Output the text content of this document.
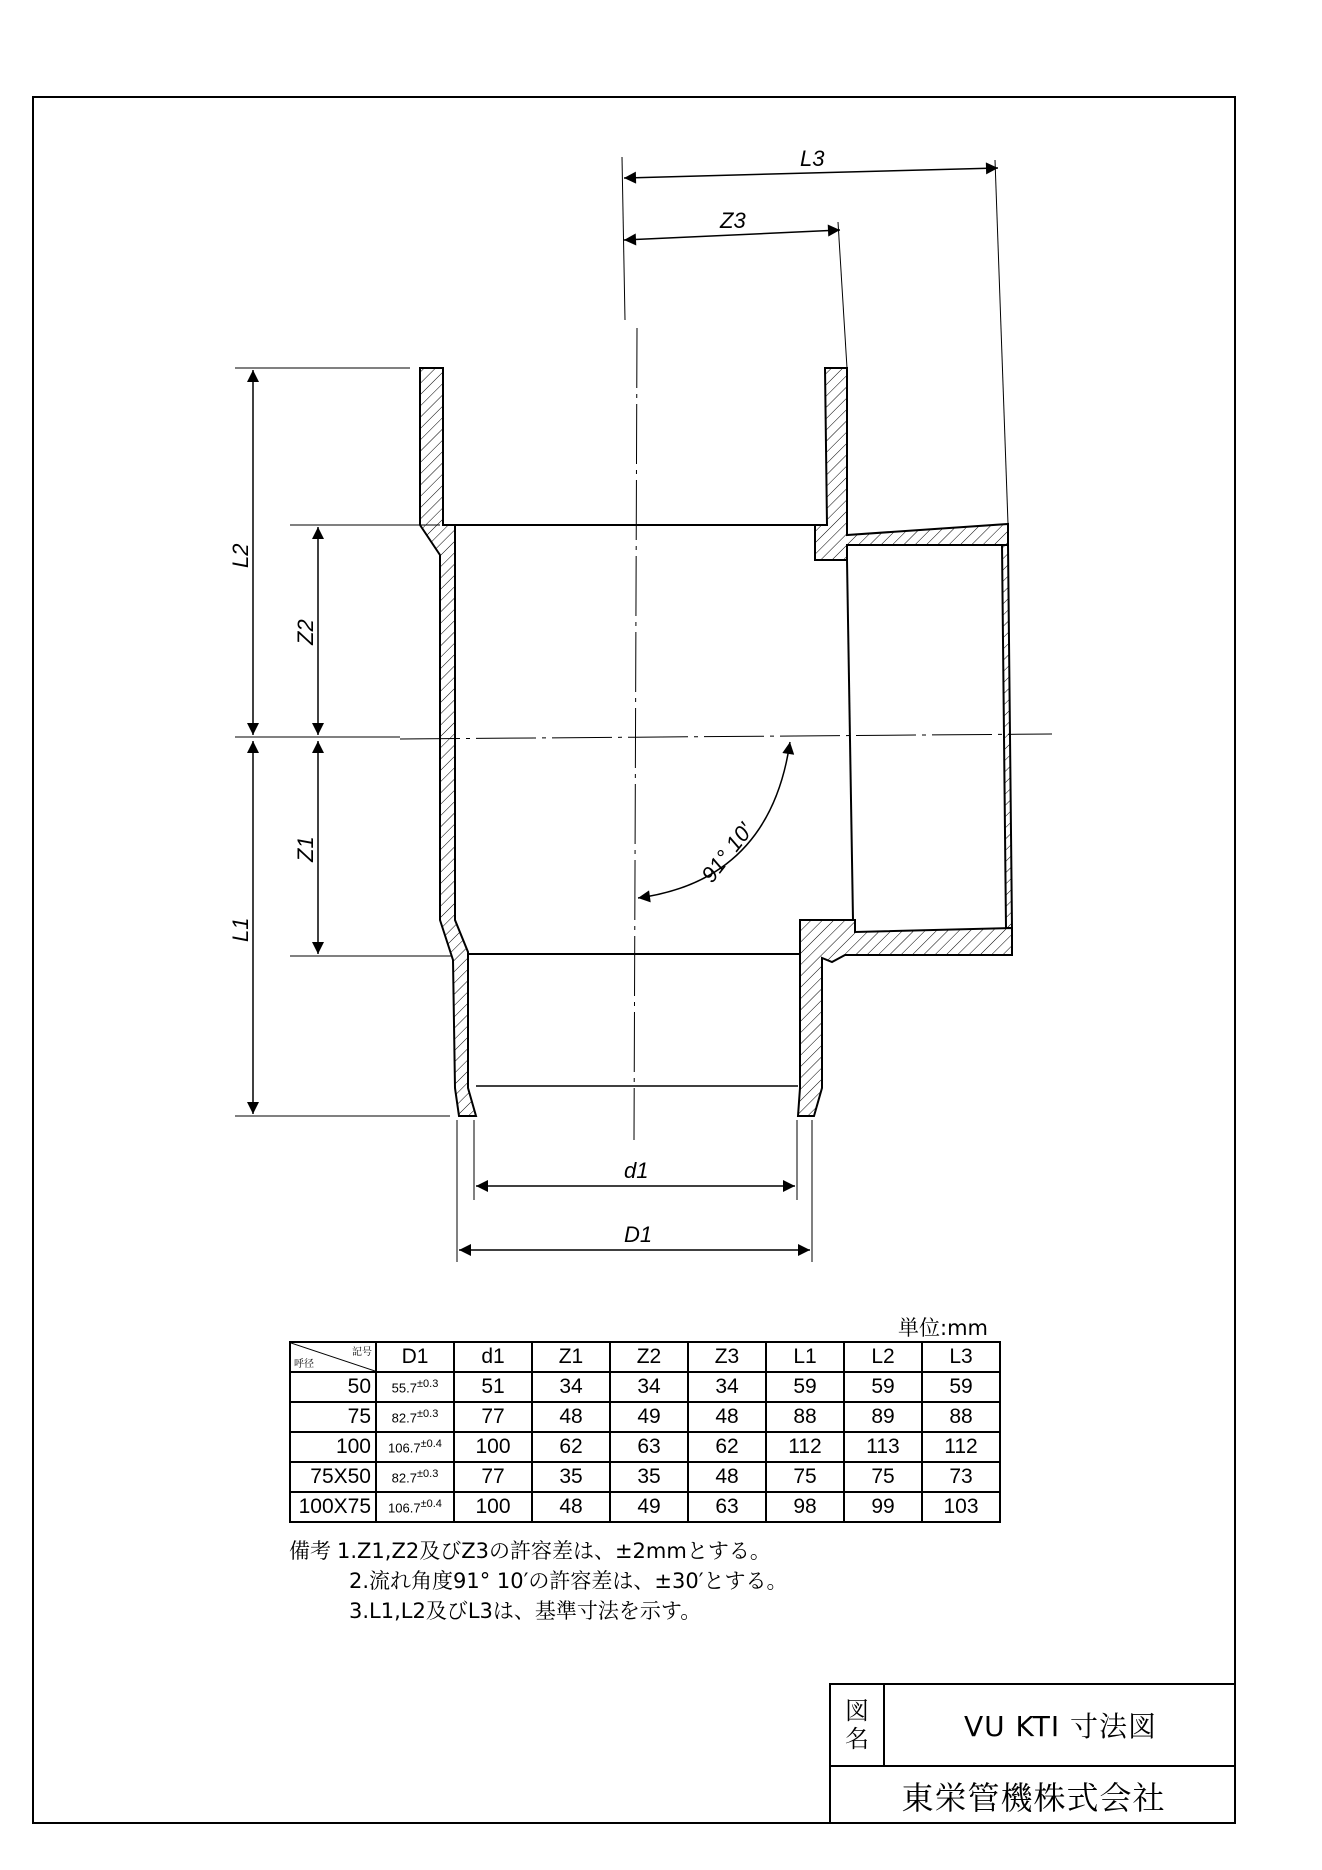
L3
Z3
L2
Z2
L1
Z1
d1
D1
91° 10′
単位:mm
記号
呼径	D1	d1	Z1	Z2	Z3	L1	L2	L3
50	$55.7^{\pm 0.3}$	51	34	34	34	59	59	59
75	$82.7^{\pm 0.3}$	77	48	49	48	88	89	88
100	$106.7^{\pm 0.4}$	100	62	63	62	112	113	112
75X50	$82.7^{\pm 0.3}$	77	35	35	48	75	75	73
100X75	$106.7^{\pm 0.4}$	100	48	49	63	98	99	103
備考 1.Z1,Z2及びZ3の許容差は、±2mmとする。
2.流れ角度91° 10′の許容差は、±30′とする。
3.L1,L2及びL3は、基準寸法を示す。
図
名	VU KTI 寸法図
東栄管機株式会社
